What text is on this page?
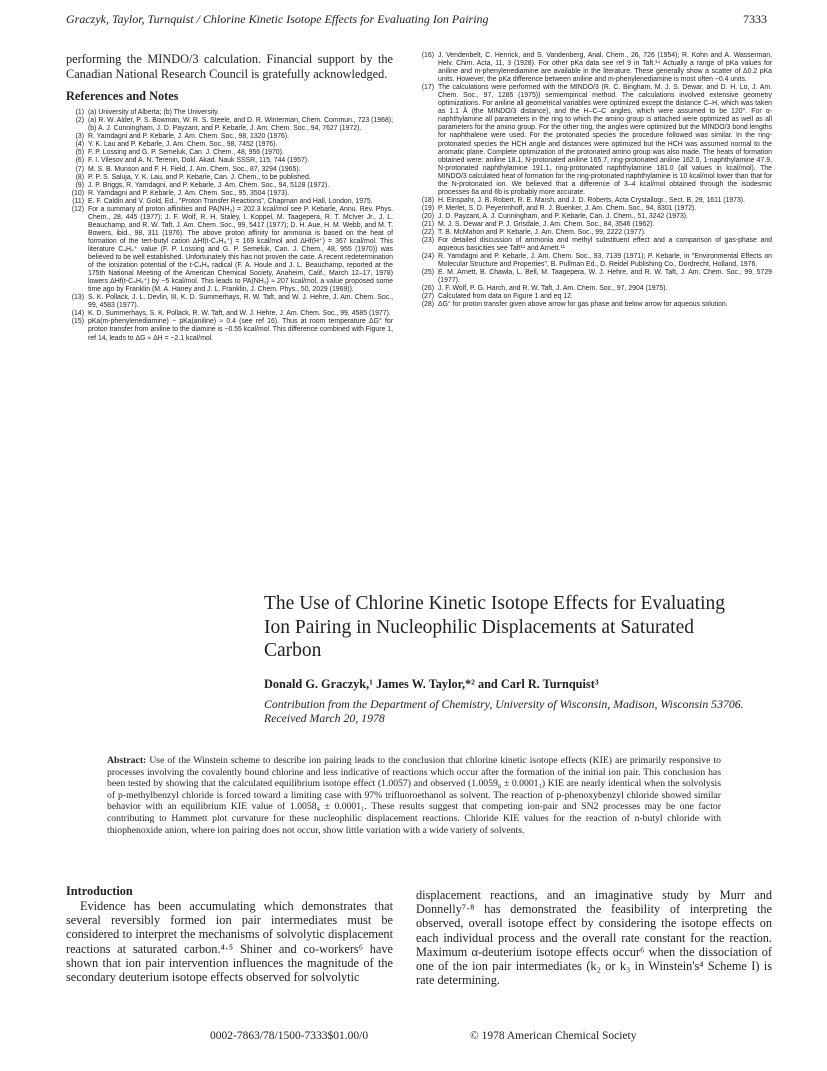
Graczyk, Taylor, Turnquist / Chlorine Kinetic Isotope Effects for Evaluating Ion Pairing	7333

performing the MINDO/3 calculation. Financial support by the Canadian National Research Council is gratefully acknowledged.

References and Notes
(1) (a) University of Alberta; (b) The University.
(2) (a) R. W. Alder, P. S. Bowman, W. R. S. Steele, and D. R. Winterman, Chem. Commun., 723 (1968); (b) A. J. Cunningham, J. D. Payzant, and P. Kebarle, J. Am. Chem. Soc., 94, 7627 (1972).
(3) R. Yamdagni and P. Kebarle, J. Am. Chem. Soc., 98, 1320 (1976).
(4) Y. K. Lau and P. Kebarle, J. Am. Chem. Soc., 98, 7452 (1976).
(5) F. P. Lossing and G. P. Semeluk, Can. J. Chem., 48, 956 (1970).
(6) F. I. Vilesov and A. N. Terenin, Dokl. Akad. Nauk SSSR, 115, 744 (1957).
(7) M. S. B. Munson and F. H. Field, J. Am. Chem. Soc., 87, 3294 (1965).
(8) P. P. S. Saluja, Y. K. Lau, and P. Kebarle, Can. J. Chem., to be published.
(9) J. P. Briggs, R. Yamdagni, and P. Kebarle, J. Am. Chem. Soc., 94, 5128 (1972).
(10) R. Yamdagni and P. Kebarle, J. Am. Chem. Soc., 95, 3504 (1973).
(11) E. F. Caldin and V. Gold, Ed., "Proton Transfer Reactions", Chapman and Hall, London, 1975.
(12) For a summary of proton affinities and PA(NH₃) = 202.3 kcal/mol see P. Kebarle, Annu. Rev. Phys. Chem., 28, 445 (1977); J. F. Wolf, R. H. Staley, I. Koppel, M. Taagepera, R. T. McIver Jr., J. L. Beauchamp, and R. W. Taft, J. Am. Chem. Soc., 99, 5417 (1977); D. H. Aue, H. M. Webb, and M. T. Bowers, ibid., 98, 311 (1976). The above proton affinity for ammonia is based on the heat of formation of the tert-butyl cation ΔHf(t-C₄H₉⁺) = 169 kcal/mol and ΔHf(H⁺) = 367 kcal/mol. This literature C₄H₉⁺ value (F. P. Lossing and G. P. Semeluk, Can. J. Chem., 48, 955 (1970)) was believed to be well established. Unfortunately this has not proven the case. A recent redetermination of the ionization potential of the t-C₄H₉ radical (F. A. Houle and J. L. Beauchamp, reported at the 175th National Meeting of the American Chemical Society, Anaheim, Calif., March 12–17, 1978) lowers ΔHf(t-C₄H₉⁺) by ~5 kcal/mol. This leads to PA(NH₃) ≈ 207 kcal/mol, a value proposed some time ago by Franklin (M. A. Haney and J. L. Franklin, J. Chem. Phys., 50, 2029 (1969)).
(13) S. K. Pollack, J. L. Devlin, III, K. D. Summerhays, R. W. Taft, and W. J. Hehre, J. Am. Chem. Soc., 99, 4583 (1977).
(14) K. D. Summerhays, S. K. Pollack, R. W. Taft, and W. J. Hehre, J. Am. Chem. Soc., 99, 4585 (1977).
(15) pKa(m-phenylenediamine) − pKa(aniline) ≈ 0.4 (see ref 16). Thus at room temperature ΔG° for proton transfer from aniline to the diamine is −0.55 kcal/mol. This difference combined with Figure 1, ref 14, leads to ΔG ≈ ΔH = −2.1 kcal/mol.
(16) J. Vendenbelt, C. Henrick, and S. Vandenberg, Anal. Chem., 26, 726 (1954); R. Kohn and A. Wasserman, Helv. Chim. Acta, 11, 3 (1928). For other pKa data see ref 9 in Taft.¹⁴ Actually a range of pKa values for aniline and m-phenylenediamine are available in the literature. These generally show a scatter of Δ0.2 pKa units. However, the pKa difference between aniline and m-phenylenediamine is most often ~0.4 units.
(17) The calculations were performed with the MINDO/3 (R. C. Bingham, M. J. S. Dewar, and D. H. Lo, J. Am. Chem. Soc., 97, 1285 (1975)) semiempirical method. The calculations involved extensive geometry optimizations. For aniline all geometrical variables were optimized except the distance C–H, which was taken as 1.1 Å (the MINDO/3 distance), and the H–C–C angles, which were assumed to be 120°. For α-naphthylamine all parameters in the ring to which the amino group is attached were optimized as well as all parameters for the amino group. For the other ring, the angles were optimized but the MINDO/3 bond lengths for naphthalene were used. For the protonated species the procedure followed was similar. In the ring-protonated species the HCH angle and distances were optimized but the HCH was assumed normal to the aromatic plane. Complete optimization of the protonated amino group was also made. The heats of formation obtained were: aniline 18.1, N-protonated aniline 165.7, ring-protonated aniline 162.0, 1-naphthylamine 47.9, N-protonated naphthylamine 191.1, ring-protonated naphthylamine 181.0 (all values in kcal/mol). The MINDO/3 calculated heat of formation for the ring-protonated naphthylamine is 10 kcal/mol lower than that for the N-protonated ion. We believed that a difference of 3–4 kcal/mol obtained through the isodesmic processes 6a and 6b is probably more accurate.
(18) H. Einspahr, J. B. Robert, R. E. Marsh, and J. D. Roberts, Acta Crystallogr., Sect. B, 29, 1611 (1973).
(19) P. Merlet, S. D. Peyerimhoff, and R. J. Buenker, J. Am. Chem. Soc., 94, 8301 (1972).
(20) J. D. Payzant, A. J. Cunningham, and P. Kebarle, Can. J. Chem., 51, 3242 (1973).
(21) M. J. S. Dewar and P. J. Grisdale, J. Am. Chem. Soc., 84, 3546 (1962).
(22) T. B. McMahon and P. Kebarle, J. Am. Chem. Soc., 99, 2222 (1977).
(23) For detailed discussion of ammonia and methyl substituent effect and a comparison of gas-phase and aqueous basicities see Taft¹¹ and Arnett.¹¹
(24) R. Yamdagni and P. Kebarle, J. Am. Chem. Soc., 93, 7139 (1971); P. Kebarle, in "Environmental Effects on Molecular Structure and Properties", B. Pullman Ed., D. Reidel Publishing Co., Dordrecht, Holland, 1976.
(25) E. M. Arnett, B. Chawla, L. Bell, M. Taagepera, W. J. Hehre, and R. W. Taft, J. Am. Chem. Soc., 99, 5729 (1977).
(26) J. F. Wolf, P. G. Harch, and R. W. Taft, J. Am. Chem. Soc., 97, 2904 (1975).
(27) Calculated from data on Figure 1 and eq 12.
(28) ΔG° for proton transfer given above arrow for gas phase and below arrow for aqueous solution.
The Use of Chlorine Kinetic Isotope Effects for Evaluating Ion Pairing in Nucleophilic Displacements at Saturated Carbon
Donald G. Graczyk,¹ James W. Taylor,*² and Carl R. Turnquist³
Contribution from the Department of Chemistry, University of Wisconsin, Madison, Wisconsin 53706. Received March 20, 1978
Abstract: Use of the Winstein scheme to describe ion pairing leads to the conclusion that chlorine kinetic isotope effects (KIE) are primarily responsive to processes involving the covalently bound chlorine and less indicative of reactions which occur after the formation of the initial ion pair. This conclusion has been tested by showing that the calculated equilibrium isotope effect (1.0057) and observed (1.0059₆ ± 0.0001₁) KIE are nearly identical when the solvolysis of p-methylbenzyl chloride is forced toward a limiting case with 97% trifluoroethanol as solvent. The reaction of p-phenoxybenzyl chloride showed similar behavior with an equilibrium KIE value of 1.0058₄ ± 0.0001₁. These results suggest that competing ion-pair and SN2 processes may be one factor contributing to Hammett plot curvature for these nucleophilic displacement reactions. Chloride KIE values for the reaction of n-butyl chloride with thiophenoxide anion, where ion pairing does not occur, show little variation with a wide variety of solvents.
Introduction
Evidence has been accumulating which demonstrates that several reversibly formed ion pair intermediates must be considered to interpret the mechanisms of solvolytic displacement reactions at saturated carbon.⁴·⁵ Shiner and co-workers⁶ have shown that ion pair intervention influences the magnitude of the secondary deuterium isotope effects observed for solvolytic
displacement reactions, and an imaginative study by Murr and Donnelly⁷·⁸ has demonstrated the feasibility of interpreting the observed, overall isotope effect by considering the isotope effects on each individual process and the overall rate constant for the reaction. Maximum α-deuterium isotope effects occur⁶ when the dissociation of one of the ion pair intermediates (k₂ or k₃ in Winstein's⁴ Scheme I) is rate determining.
0002-7863/78/1500-7333$01.00/0	© 1978 American Chemical Society
